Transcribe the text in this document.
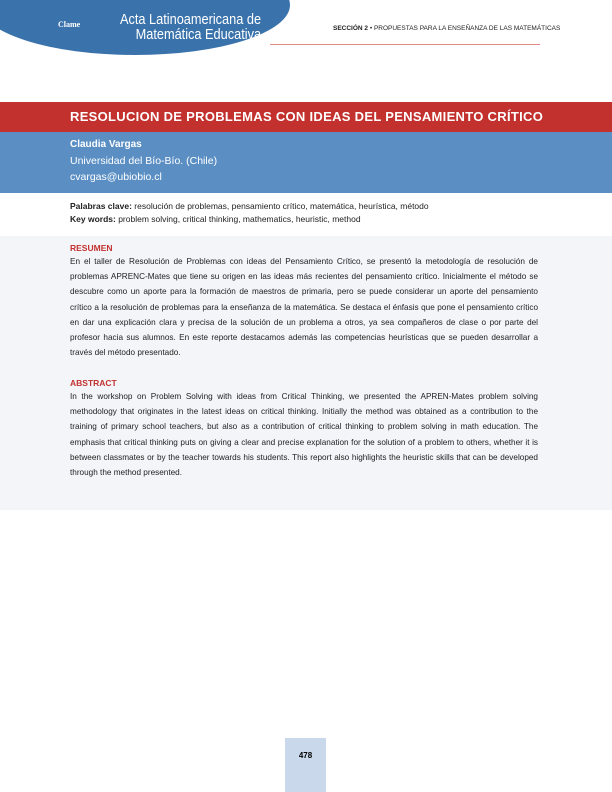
Clame	Acta Latinoamericana de
Matemática Educativa	SECCIÓN 2 • PROPUESTAS PARA LA ENSEÑANZA DE LAS MATEMÁTICAS
RESOLUCION DE PROBLEMAS CON IDEAS DEL PENSAMIENTO CRÍTICO
Claudia Vargas
Universidad del Bío-Bío. (Chile)
cvargas@ubiobio.cl
Palabras clave: resolución de problemas, pensamiento crítico, matemática, heurística, método
Key words: problem solving, critical thinking, mathematics, heuristic, method
RESUMEN
En el taller de Resolución de Problemas con ideas del Pensamiento Crítico, se presentó la metodología de resolución de problemas APRENC-Mates que tiene su origen en las ideas más recientes del pensamiento crítico. Inicialmente el método se descubre como un aporte para la formación de maestros de primaria, pero se puede considerar un aporte del pensamiento crítico a la resolución de problemas para la enseñanza de la matemática. Se destaca el énfasis que pone el pensamiento crítico en dar una explicación clara y precisa de la solución de un problema a otros, ya sea compañeros de clase o por parte del profesor hacia sus alumnos. En este reporte destacamos además las competencias heurísticas que se pueden desarrollar a través del método presentado.
ABSTRACT
In the workshop on Problem Solving with ideas from Critical Thinking, we presented the APREN-Mates problem solving methodology that originates in the latest ideas on critical thinking. Initially the method was obtained as a contribution to the training of primary school teachers, but also as a contribution of critical thinking to problem solving in math education. The emphasis that critical thinking puts on giving a clear and precise explanation for the solution of a problem to others, whether it is between classmates or by the teacher towards his students. This report also highlights the heuristic skills that can be developed through the method presented.
478
